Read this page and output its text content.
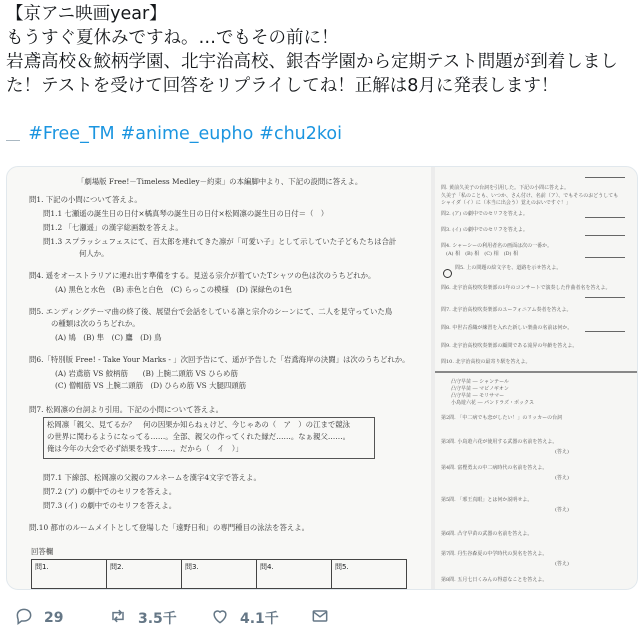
【京アニ映画year】
もうすぐ夏休みですね。…でもその前に！
岩鳶高校＆鮫柄学園、北宇治高校、銀杏学園から定期テスト問題が到着しまし
た！テストを受けて回答をリプライしてね！正解は8月に発表します！

#Free_TM #anime_eupho #chu2koi

「劇場版 Free!－Timeless Medley－約束」の本編脚中より、下記の設問に答えよ。
問1. 下記の小問について答えよ。
問1.1 七瀬遥の誕生日の日付×橘真琴の誕生日の日付×松岡凛の誕生日の日付＝（　）
問1.2 「七瀬遥」の漢字総画数を答えよ。
問1.3 スプラッシュフェスにて、百太郎を連れてきた凛が「可愛い子」として示していた子どもたちは合計
何人か。
問4. 遥をオーストラリアに連れ出す準備をする。見送る宗介が着ていたTシャツの色は次のうちどれか。
(A) 黒色と水色　(B) 赤色と白色　(C) らっこの模様　(D) 深緑色の1色
問5. エンディングテーマ曲の終了後、展望台で会話をしている凛と宗介のシーンにて、二人を見守っていた鳥
の種類は次のうちどれか。
(A) 鳩　(B) 隼　(C) 鷹　(D) 鳥
問6.「特別版 Free! - Take Your Marks - 」次回予告にて、遥が予告した「岩鳶海岸の決闘」は次のうちどれか。
(A) 岩鳶筋 VS 鮫柄筋　　(B) 上腕二頭筋 VS ひらめ筋
(C) 僧帽筋 VS 上腕二頭筋　(D) ひらめ筋 VS 大腿四頭筋
問7. 松岡凛の台詞より引用。下記の小問について答えよ。
松岡凛「親父、見てるか？　何の因果か知らねぇけど、今じゃあの（　ア　）の江まで競泳
の世界に関わるようになってる……。全部、親父の作ってくれた縁だ……。なぁ親父……。
俺は今年の大会で必ず結果を残す……。だから（　イ　）」
問7.1 下線部、松岡凛の父親のフルネームを漢字4文字で答えよ。
問7.2 (ア) の劇中でのセリフを答えよ。
問7.3 (イ) の劇中でのセリフを答えよ。
問.10 都市のルームメイトとして登場した「遠野日和」の専門種目の泳法を答えよ。
回答欄
問1.	問2.	問3.	問4.	問5.
問. 黄前久美子の台詞を引用した。下記の小問に答えよ。
久美子「私のことも、いつか、さん付け、名前（ア）、でもそろのおどうしても
シャイダ（イ）に（本当に出会う）覚えのおいですぐ！」
問2. (ア) の劇中でのセリフを答えよ。
問3. (イ) の劇中でのセリフを答えよ。
問4. シャーシーの利用者名の画面は次の一番か。
　(A) 相　(B) 相　(C) 相　(D) 相
問5. 上の問題の絵文字を、道路を示せ答えよ。
問6. 北宇治高校吹奏楽部の1年のコンサートで演奏した作曲者名を答えよ。
問7. 北宇治高校吹奏楽部のユーフォニアム奏者を答えよ。
問8. 中世古香織が練習を入れた新しい楽曲の名前は何か。
問9. 北宇治高校吹奏楽部の顧問である滝昇の年齢を答えよ。
問10. 北宇治高校の最寄り駅を答えよ。
凸守早苗 ― シャンテール
凸守早苗 ― マビノギオン
凸守早苗 ― モリサマー
小鳥遊六花 ― パンドラズ・ボックス
第2問. 「中二病でも恋がしたい！」のリッカーの台詞
第3問. 小鳥遊六花が使用する武器の名前を答えよ。
(答え)
第4問. 富樫勇太の中二病時代の名前を答えよ。
(答え)
第5問. 「邪王真眼」とは何か説明せよ。
(答え)
第6問. 凸守早苗の武器の名前を答えよ。
第7問. 丹生谷森夏の中学時代の異名を答えよ。
(答え)
第8問. 五月七日くみんの得意なことを答えよ。
29	3.5千	4.1千
